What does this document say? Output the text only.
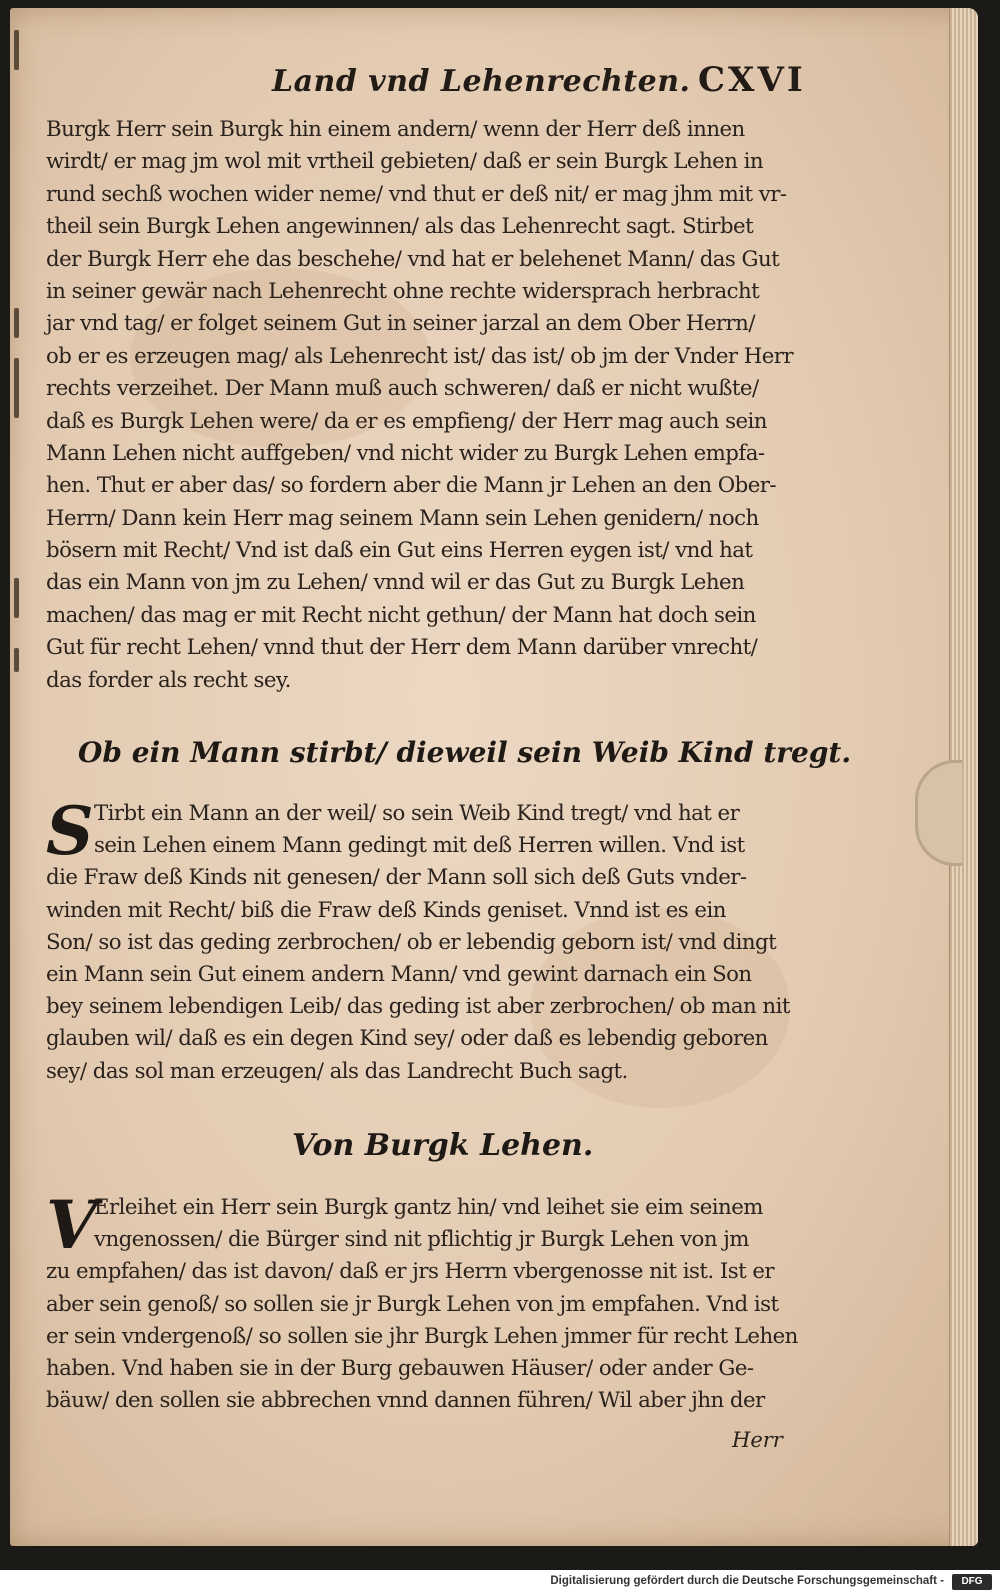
Land vnd Lehenrechten. CXVI
Burgk Herr sein Burgk hin einem andern/ wenn der Herr deß innen
wirdt/ er mag jm wol mit vrtheil gebieten/ daß er sein Burgk Lehen in
rund sechß wochen wider neme/ vnd thut er deß nit/ er mag jhm mit vr-
theil sein Burgk Lehen angewinnen/ als das Lehenrecht sagt. Stirbet
der Burgk Herr ehe das beschehe/ vnd hat er belehenet Mann/ das Gut
in seiner gewär nach Lehenrecht ohne rechte widersprach herbracht
jar vnd tag/ er folget seinem Gut in seiner jarzal an dem Ober Herrn/
ob er es erzeugen mag/ als Lehenrecht ist/ das ist/ ob jm der Vnder Herr
rechts verzeihet. Der Mann muß auch schweren/ daß er nicht wußte/
daß es Burgk Lehen were/ da er es empfieng/ der Herr mag auch sein
Mann Lehen nicht auffgeben/ vnd nicht wider zu Burgk Lehen empfa-
hen. Thut er aber das/ so fordern aber die Mann jr Lehen an den Ober-
Herrn/ Dann kein Herr mag seinem Mann sein Lehen genidern/ noch
bösern mit Recht/ Vnd ist daß ein Gut eins Herren eygen ist/ vnd hat
das ein Mann von jm zu Lehen/ vnnd wil er das Gut zu Burgk Lehen
machen/ das mag er mit Recht nicht gethun/ der Mann hat doch sein
Gut für recht Lehen/ vnnd thut der Herr dem Mann darüber vnrecht/
das forder als recht sey.
Ob ein Mann stirbt/ dieweil sein Weib Kind tregt.
S Tirbt ein Mann an der weil/ so sein Weib Kind tregt/ vnd hat er
sein Lehen einem Mann gedingt mit deß Herren willen. Vnd ist
die Fraw deß Kinds nit genesen/ der Mann soll sich deß Guts vnder-
winden mit Recht/ biß die Fraw deß Kinds geniset. Vnnd ist es ein
Son/ so ist das geding zerbrochen/ ob er lebendig geborn ist/ vnd dingt
ein Mann sein Gut einem andern Mann/ vnd gewint darnach ein Son
bey seinem lebendigen Leib/ das geding ist aber zerbrochen/ ob man nit
glauben wil/ daß es ein degen Kind sey/ oder daß es lebendig geboren
sey/ das sol man erzeugen/ als das Landrecht Buch sagt.
Von Burgk Lehen.
V
Erleihet ein Herr sein Burgk gantz hin/ vnd leihet sie eim seinem
vngenossen/ die Bürger sind nit pflichtig jr Burgk Lehen von jm
zu empfahen/ das ist davon/ daß er jrs Herrn vbergenosse nit ist. Ist er
aber sein genoß/ so sollen sie jr Burgk Lehen von jm empfahen. Vnd ist
er sein vndergenoß/ so sollen sie jhr Burgk Lehen jmmer für recht Lehen
haben. Vnd haben sie in der Burg gebauwen Häuser/ oder ander Ge-
bäuw/ den sollen sie abbrechen vnnd dannen führen/ Wil aber jhn der
Herr
Digitalisierung gefördert durch die Deutsche Forschungsgemeinschaft -	DFG
